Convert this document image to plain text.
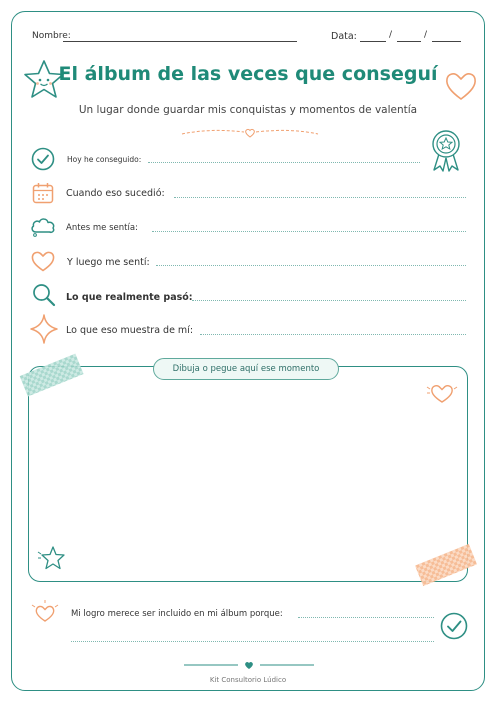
Nombre:	Data:	/	/
El álbum de las veces que conseguí
Un lugar donde guardar mis conquistas y momentos de valentía
Hoy he conseguido:
Cuando eso sucedió:
Antes me sentía:
Y luego me sentí:
Lo que realmente pasó:
Lo que eso muestra de mí:
Dibuja o pegue aquí ese momento
Mi logro merece ser incluido en mi álbum porque:
Kit Consultorio Lúdico
